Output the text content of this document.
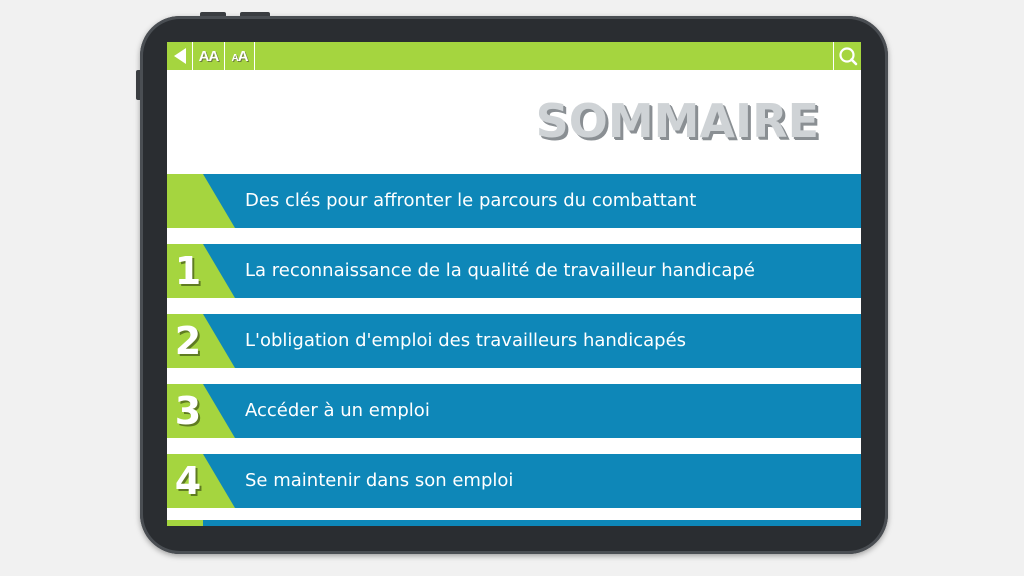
AA AA
SOMMAIRE
Des clés pour affronter le parcours du combattant
1 La reconnaissance de la qualité de travailleur handicapé
2 L'obligation d'emploi des travailleurs handicapés
3 Accéder à un emploi
4 Se maintenir dans son emploi
